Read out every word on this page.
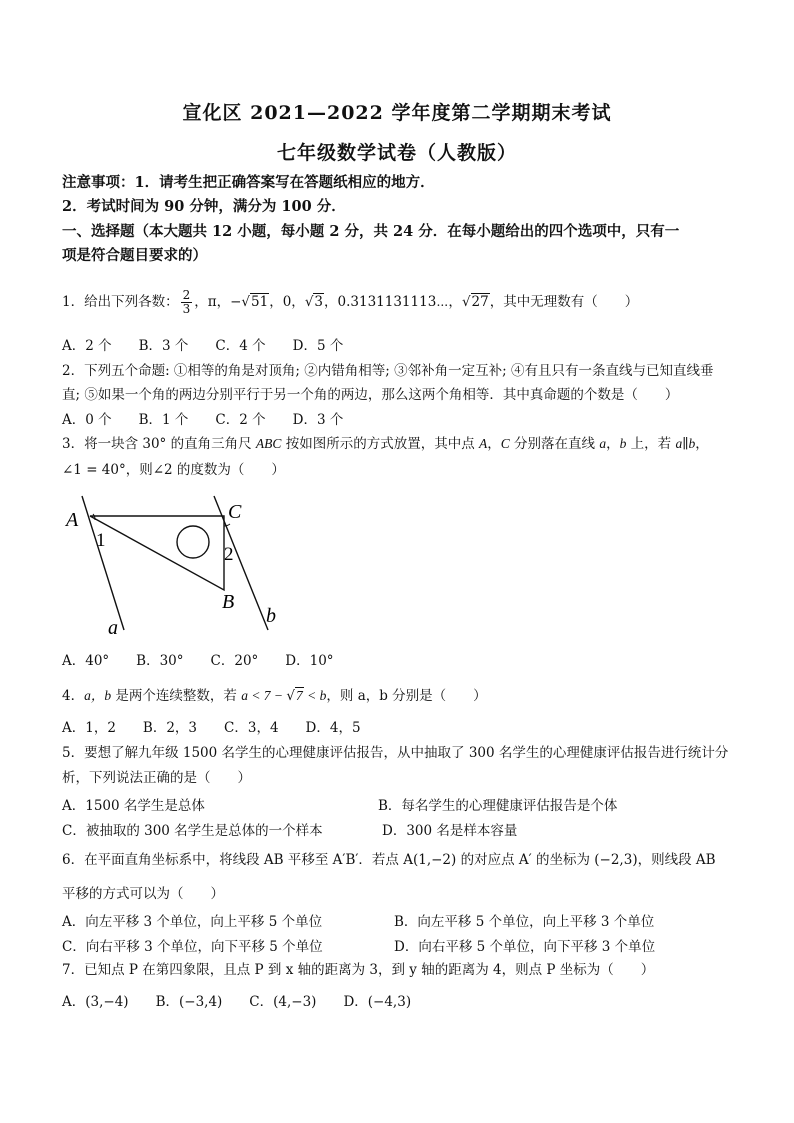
宣化区 2021—2022 学年度第二学期期末考试
七年级数学试卷（人教版）
注意事项：1．请考生把正确答案写在答题纸相应的地方．
2．考试时间为 90 分钟，满分为 100 分．
一、选择题（本大题共 12 小题，每小题 2 分，共 24 分．在每小题给出的四个选项中，只有一
项是符合题目要求的）
1．给出下列各数： $\frac{2}{3}$ ，π，−√51，0，√3，0.3131131113⋯，√27，其中无理数有（　　）
A．2 个　　B．3 个　　C．4 个　　D．5 个
2．下列五个命题: ①相等的角是对顶角; ②内错角相等; ③邻补角一定互补; ④有且只有一条直线与已知直线垂
直; ⑤如果一个角的两边分别平行于另一个角的两边，那么这两个角相等．其中真命题的个数是（　　）
A．0 个　　B．1 个　　C．2 个　　D．3 个
3．将一块含 30° 的直角三角尺 ABC 按如图所示的方式放置，其中点 A，C 分别落在直线 a，b 上，若 a∥b，
∠1 = 40°，则∠2 的度数为（　　）
A	C
B
1
2
a
b
A．40°　　B．30°　　C．20°　　D．10°
4．a，b 是两个连续整数，若 a < 7 − √7 < b，则 a，b 分别是（　　）
A．1，2　　B．2，3　　C．3，4　　D．4，5
5．要想了解九年级 1500 名学生的心理健康评估报告，从中抽取了 300 名学生的心理健康评估报告进行统计分
析，下列说法正确的是（　　）
A．1500 名学生是总体	B．每名学生的心理健康评估报告是个体
C．被抽取的 300 名学生是总体的一个样本	D．300 名是样本容量
6．在平面直角坐标系中，将线段 AB 平移至 A′B′．若点 A(1,−2) 的对应点 A′ 的坐标为 (−2,3)，则线段 AB
平移的方式可以为（　　）
A．向左平移 3 个单位，向上平移 5 个单位	B．向左平移 5 个单位，向上平移 3 个单位
C．向右平移 3 个单位，向下平移 5 个单位	D．向右平移 5 个单位，向下平移 3 个单位
7．已知点 P 在第四象限，且点 P 到 x 轴的距离为 3，到 y 轴的距离为 4，则点 P 坐标为（　　）
A．(3,−4)　　B．(−3,4)　　C．(4,−3)　　D．(−4,3)
